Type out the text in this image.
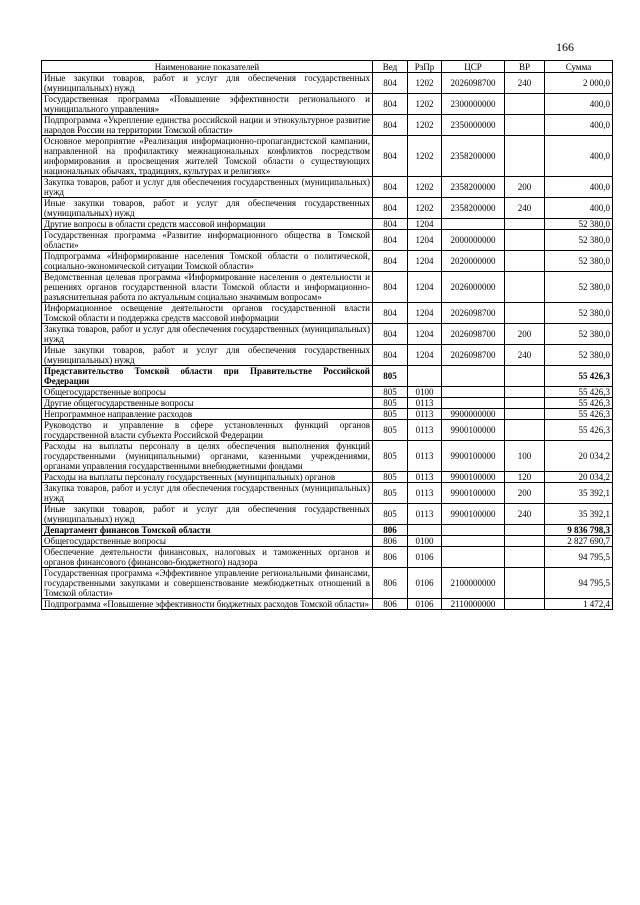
166
Наименование показателей	Вед	РзПр	ЦСР	ВР	Сумма
Иные закупки товаров, работ и услуг для обеспечения государственных (муниципальных) нужд	804	1202	2026098700	240	2 000,0
Государственная программа «Повышение эффективности регионального и муниципального управления»	804	1202	2300000000		400,0
Подпрограмма «Укрепление единства российской нации и этнокультурное развитие народов России на территории Томской области»	804	1202	2350000000		400,0
Основное мероприятие «Реализация информационно-пропагандистской кампании, направленной на профилактику межнациональных конфликтов посредством информирования и просвещения жителей Томской области о существующих национальных обычаях, традициях, культурах и религиях»	804	1202	2358200000		400,0
Закупка товаров, работ и услуг для обеспечения государственных (муниципальных) нужд	804	1202	2358200000	200	400,0
Иные закупки товаров, работ и услуг для обеспечения государственных (муниципальных) нужд	804	1202	2358200000	240	400,0
Другие вопросы в области средств массовой информации	804	1204			52 380,0
Государственная программа «Развитие информационного общества в Томской области»	804	1204	2000000000		52 380,0
Подпрограмма «Информирование населения Томской области о политической, социально-экономической ситуации Томской области»	804	1204	2020000000		52 380,0
Ведомственная целевая программа «Информирование населения о деятельности и решениях органов государственной власти Томской области и информационно-разъяснительная работа по актуальным социально значимым вопросам»	804	1204	2026000000		52 380,0
Информационное освещение деятельности органов государственной власти Томской области и поддержка средств массовой информации	804	1204	2026098700		52 380,0
Закупка товаров, работ и услуг для обеспечения государственных (муниципальных) нужд	804	1204	2026098700	200	52 380,0
Иные закупки товаров, работ и услуг для обеспечения государственных (муниципальных) нужд	804	1204	2026098700	240	52 380,0
Представительство Томской области при Правительстве Российской Федерации	805				55 426,3
Общегосударственные вопросы	805	0100			55 426,3
Другие общегосударственные вопросы	805	0113			55 426,3
Непрограммное направление расходов	805	0113	9900000000		55 426,3
Руководство и управление в сфере установленных функций органов государственной власти субъекта Российской Федерации	805	0113	9900100000		55 426,3
Расходы на выплаты персоналу в целях обеспечения выполнения функций государственными (муниципальными) органами, казенными учреждениями, органами управления государственными внебюджетными фондами	805	0113	9900100000	100	20 034,2
Расходы на выплаты персоналу государственных (муниципальных) органов	805	0113	9900100000	120	20 034,2
Закупка товаров, работ и услуг для обеспечения государственных (муниципальных) нужд	805	0113	9900100000	200	35 392,1
Иные закупки товаров, работ и услуг для обеспечения государственных (муниципальных) нужд	805	0113	9900100000	240	35 392,1
Департамент финансов Томской области	806				9 836 798,3
Общегосударственные вопросы	806	0100			2 827 690,7
Обеспечение деятельности финансовых, налоговых и таможенных органов и органов финансового (финансово-бюджетного) надзора	806	0106			94 795,5
Государственная программа «Эффективное управление региональными финансами, государственными закупками и совершенствование межбюджетных отношений в Томской области»	806	0106	2100000000		94 795,5
Подпрограмма «Повышение эффективности бюджетных расходов Томской области»	806	0106	2110000000		1 472,4
